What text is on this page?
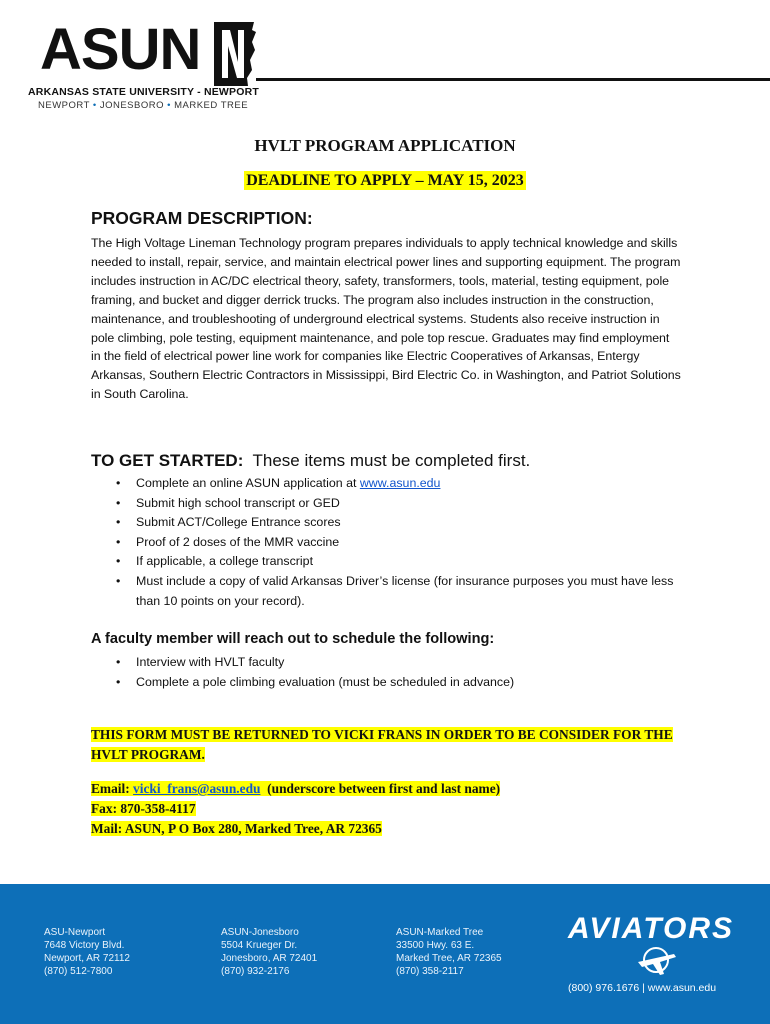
ASUN
ARKANSAS STATE UNIVERSITY - NEWPORT
NEWPORT • JONESBORO • MARKED TREE
HVLT PROGRAM APPLICATION
DEADLINE TO APPLY – MAY 15, 2023
PROGRAM DESCRIPTION:
The High Voltage Lineman Technology program prepares individuals to apply technical knowledge and skills needed to install, repair, service, and maintain electrical power lines and supporting equipment. The program includes instruction in AC/DC electrical theory, safety, transformers, tools, material, testing equipment, pole framing, and bucket and digger derrick trucks. The program also includes instruction in the construction, maintenance, and troubleshooting of underground electrical systems. Students also receive instruction in pole climbing, pole testing, equipment maintenance, and pole top rescue. Graduates may find employment in the field of electrical power line work for companies like Electric Cooperatives of Arkansas, Entergy Arkansas, Southern Electric Contractors in Mississippi, Bird Electric Co. in Washington, and Patriot Solutions in South Carolina.
TO GET STARTED: These items must be completed first.
• Complete an online ASUN application at www.asun.edu
• Submit high school transcript or GED
• Submit ACT/College Entrance scores
• Proof of 2 doses of the MMR vaccine
• If applicable, a college transcript
• Must include a copy of valid Arkansas Driver’s license (for insurance purposes you must have less than 10 points on your record).
A faculty member will reach out to schedule the following:
• Interview with HVLT faculty
• Complete a pole climbing evaluation (must be scheduled in advance)
THIS FORM MUST BE RETURNED TO VICKI FRANS IN ORDER TO BE CONSIDER FOR THE HVLT PROGRAM.
Email: vicki_frans@asun.edu (underscore between first and last name)
Fax: 870-358-4117
Mail: ASUN, P O Box 280, Marked Tree, AR 72365
ASU-Newport
7648 Victory Blvd.
Newport, AR 72112
(870) 512-7800
ASUN-Jonesboro
5504 Krueger Dr.
Jonesboro, AR 72401
(870) 932-2176
ASUN-Marked Tree
33500 Hwy. 63 E.
Marked Tree, AR 72365
(870) 358-2117
AVIATORS
(800) 976.1676 | www.asun.edu
